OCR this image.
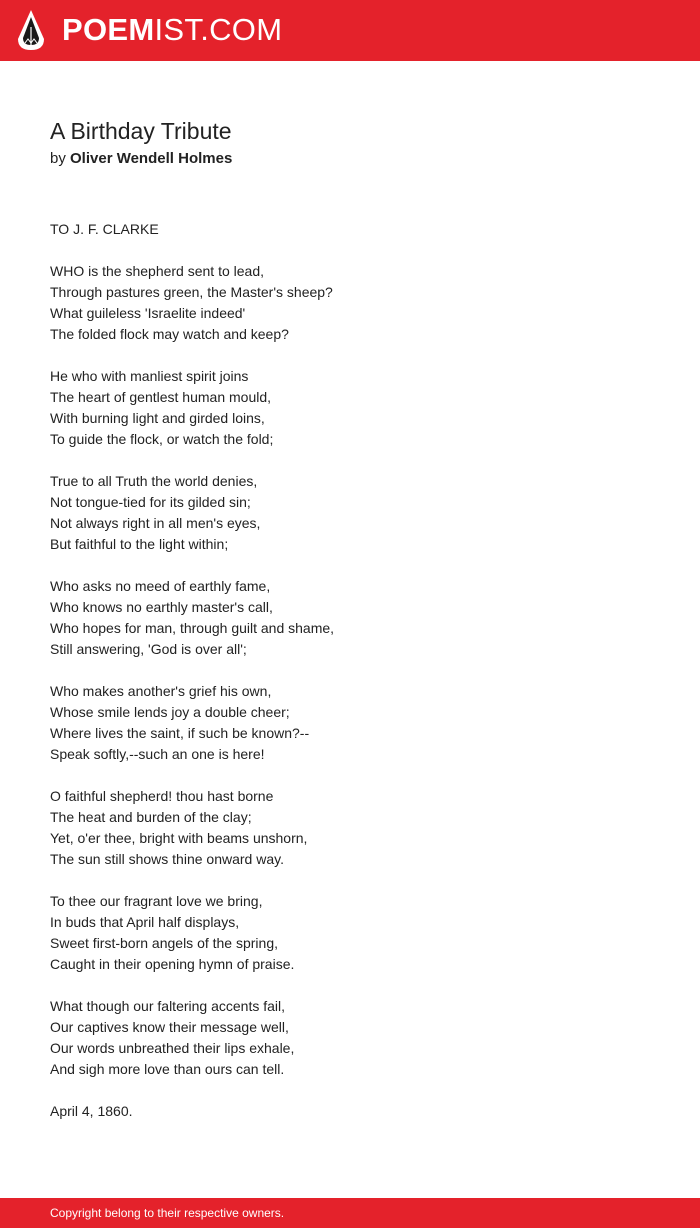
POEMIST.COM
A Birthday Tribute
by Oliver Wendell Holmes
TO J. F. CLARKE
WHO is the shepherd sent to lead,
Through pastures green, the Master's sheep?
What guileless 'Israelite indeed'
The folded flock may watch and keep?
He who with manliest spirit joins
The heart of gentlest human mould,
With burning light and girded loins,
To guide the flock, or watch the fold;
True to all Truth the world denies,
Not tongue-tied for its gilded sin;
Not always right in all men's eyes,
But faithful to the light within;
Who asks no meed of earthly fame,
Who knows no earthly master's call,
Who hopes for man, through guilt and shame,
Still answering, 'God is over all';
Who makes another's grief his own,
Whose smile lends joy a double cheer;
Where lives the saint, if such be known?--
Speak softly,--such an one is here!
O faithful shepherd! thou hast borne
The heat and burden of the clay;
Yet, o'er thee, bright with beams unshorn,
The sun still shows thine onward way.
To thee our fragrant love we bring,
In buds that April half displays,
Sweet first-born angels of the spring,
Caught in their opening hymn of praise.
What though our faltering accents fail,
Our captives know their message well,
Our words unbreathed their lips exhale,
And sigh more love than ours can tell.
April 4, 1860.
Copyright belong to their respective owners.
